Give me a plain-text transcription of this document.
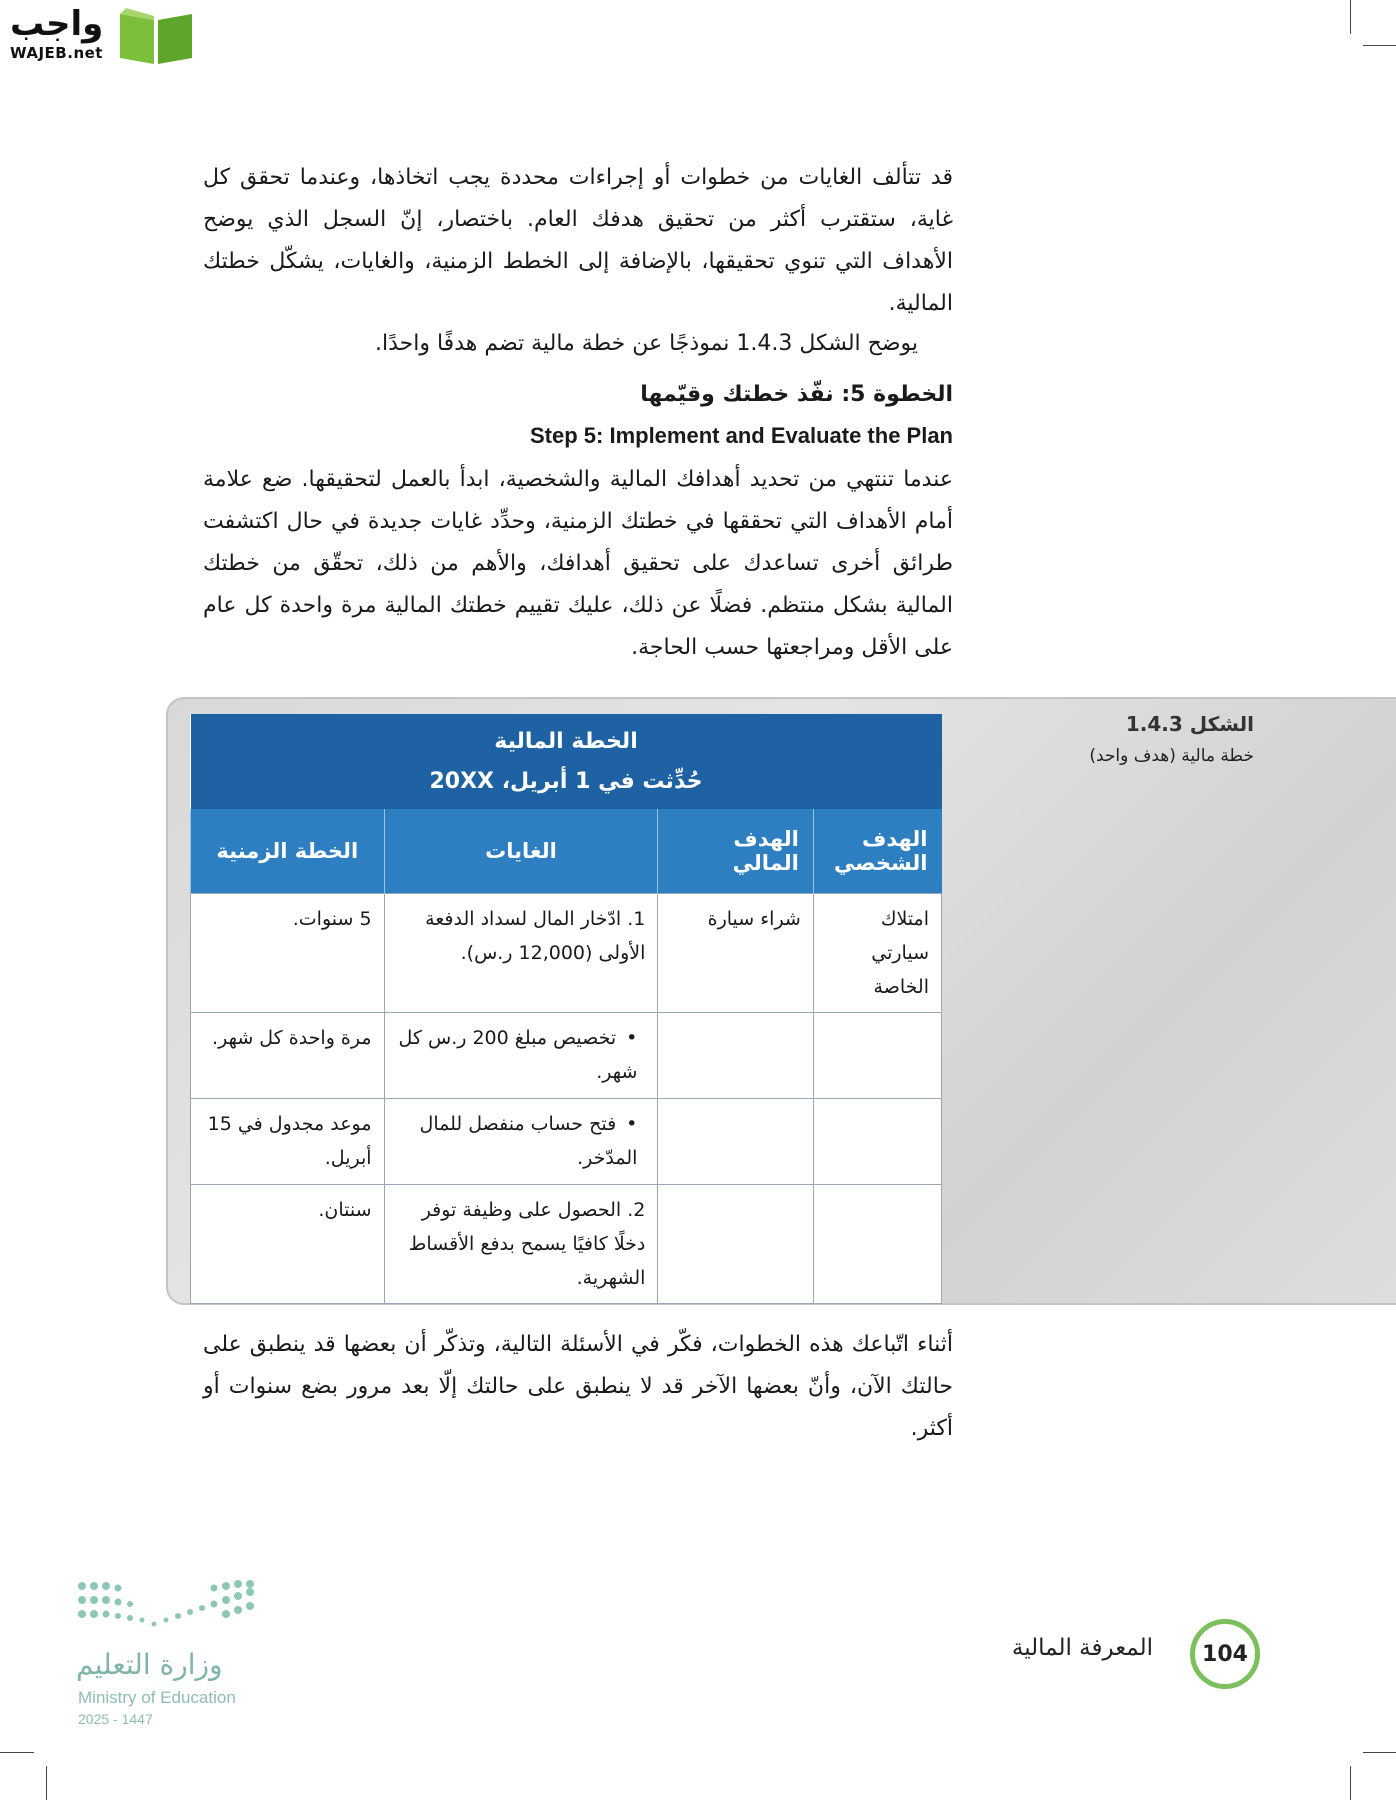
واجب
WAJEB.net
قد تتألف الغايات من خطوات أو إجراءات محددة يجب اتخاذها، وعندما تحقق كل غاية، ستقترب أكثر من تحقيق هدفك العام. باختصار، إنّ السجل الذي يوضح الأهداف التي تنوي تحقيقها، بالإضافة إلى الخطط الزمنية، والغايات، يشكّل خطتك المالية.
يوضح الشكل 1.4.3 نموذجًا عن خطة مالية تضم هدفًا واحدًا.
الخطوة 5: نفّذ خطتك وقيّمها
Step 5: Implement and Evaluate the Plan
عندما تنتهي من تحديد أهدافك المالية والشخصية، ابدأ بالعمل لتحقيقها. ضع علامة أمام الأهداف التي تحققها في خطتك الزمنية، وحدِّد غايات جديدة في حال اكتشفت طرائق أخرى تساعدك على تحقيق أهدافك، والأهم من ذلك، تحقّق من خطتك المالية بشكل منتظم. فضلًا عن ذلك، عليك تقييم خطتك المالية مرة واحدة كل عام على الأقل ومراجعتها حسب الحاجة.
الشكل 1.4.3
خطة مالية (هدف واحد)
الخطة المالية
حُدِّثت في 1 أبريل، 20XX			

الهدف الشخصي	الهدف المالي	الغايات	الخطة الزمنية
امتلاك سيارتي الخاصة	شراء سيارة	1. ادّخار المال لسداد الدفعة الأولى (12,000 ر.س).	5 سنوات.
		• تخصيص مبلغ 200 ر.س كل شهر.	مرة واحدة كل شهر.
		• فتح حساب منفصل للمال المدّخر.	موعد مجدول في 15 أبريل.
		2. الحصول على وظيفة توفر دخلًا كافيًا يسمح بدفع الأقساط الشهرية.	سنتان.
أثناء اتّباعك هذه الخطوات، فكّر في الأسئلة التالية، وتذكّر أن بعضها قد ينطبق على حالتك الآن، وأنّ بعضها الآخر قد لا ينطبق على حالتك إلّا بعد مرور بضع سنوات أو أكثر.
وزارة التعليم
Ministry of Education
2025 - 1447
المعرفة المالية 104
